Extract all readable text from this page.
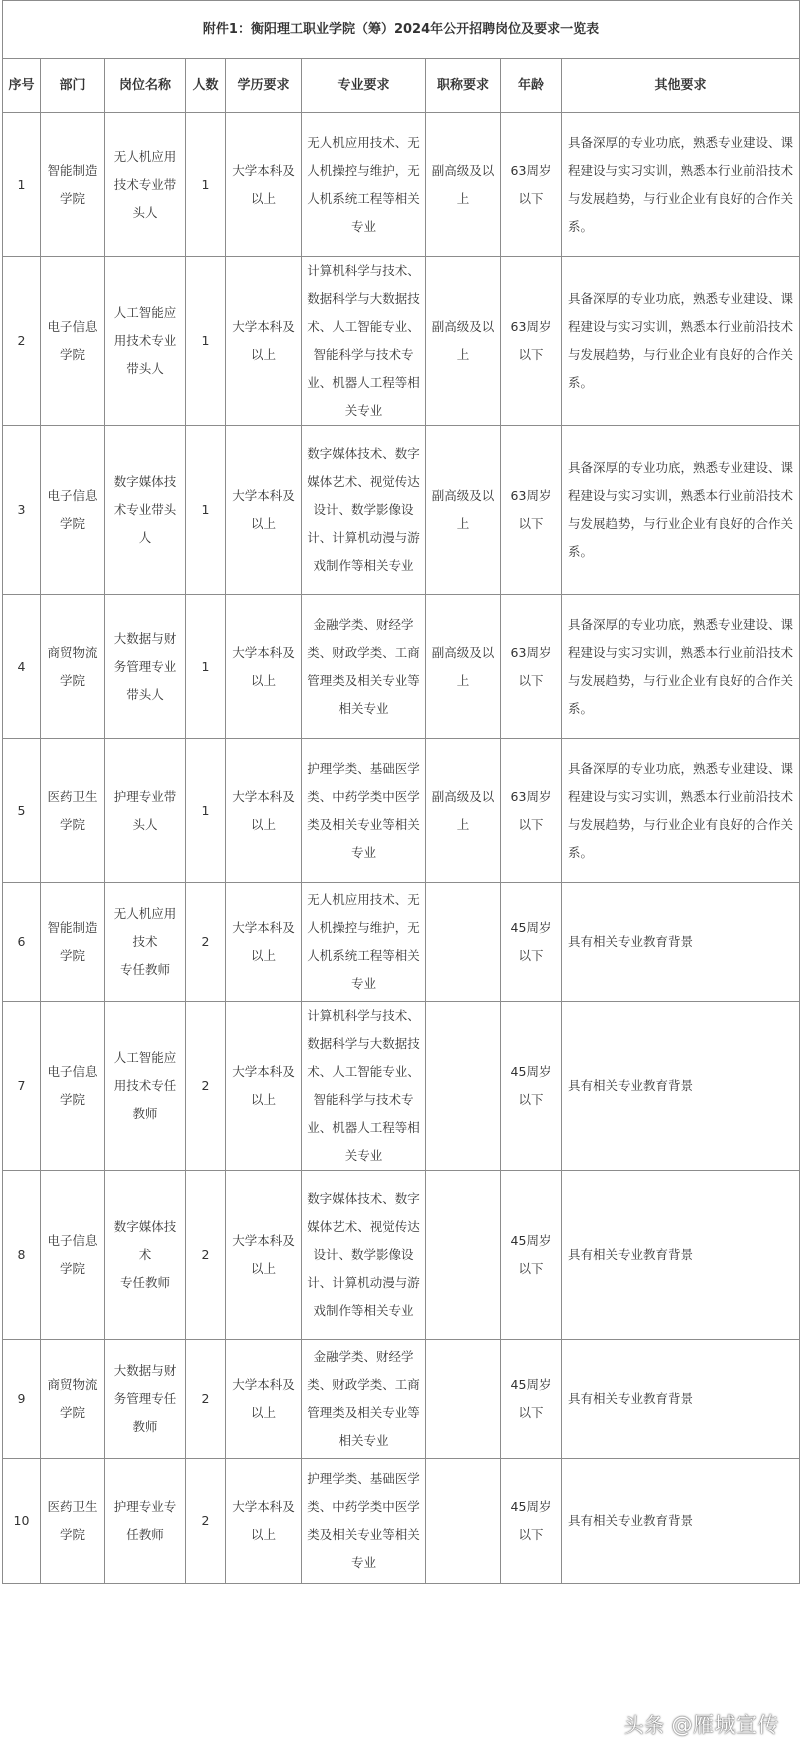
附件1：衡阳理工职业学院（筹）2024年公开招聘岗位及要求一览表								
序号	部门	岗位名称	人数	学历要求	专业要求	职称要求	年龄	其他要求
1	智能制造学院	无人机应用技术专业带头人	1	大学本科及以上	无人机应用技术、无人机操控与维护，无人机系统工程等相关专业	副高级及以上	63周岁以下	具备深厚的专业功底，熟悉专业建设、课程建设与实习实训，熟悉本行业前沿技术与发展趋势，与行业企业有良好的合作关系。
2	电子信息学院	人工智能应用技术专业带头人	1	大学本科及以上	计算机科学与技术、数据科学与大数据技术、人工智能专业、智能科学与技术专业、机器人工程等相关专业	副高级及以上	63周岁以下	具备深厚的专业功底，熟悉专业建设、课程建设与实习实训，熟悉本行业前沿技术与发展趋势，与行业企业有良好的合作关系。
3	电子信息学院	数字媒体技术专业带头人	1	大学本科及以上	数字媒体技术、数字媒体艺术、视觉传达设计、数学影像设计、计算机动漫与游戏制作等相关专业	副高级及以上	63周岁以下	具备深厚的专业功底，熟悉专业建设、课程建设与实习实训，熟悉本行业前沿技术与发展趋势，与行业企业有良好的合作关系。
4	商贸物流学院	大数据与财务管理专业带头人	1	大学本科及以上	金融学类、财经学类、财政学类、工商管理类及相关专业等相关专业	副高级及以上	63周岁以下	具备深厚的专业功底，熟悉专业建设、课程建设与实习实训，熟悉本行业前沿技术与发展趋势，与行业企业有良好的合作关系。
5	医药卫生学院	护理专业带头人	1	大学本科及以上	护理学类、基础医学类、中药学类中医学类及相关专业等相关专业	副高级及以上	63周岁以下	具备深厚的专业功底，熟悉专业建设、课程建设与实习实训，熟悉本行业前沿技术与发展趋势，与行业企业有良好的合作关系。
6	智能制造学院	无人机应用技术
专任教师	2	大学本科及以上	无人机应用技术、无人机操控与维护，无人机系统工程等相关专业		45周岁以下	具有相关专业教育背景
7	电子信息学院	人工智能应用技术专任教师	2	大学本科及以上	计算机科学与技术、数据科学与大数据技术、人工智能专业、智能科学与技术专业、机器人工程等相关专业		45周岁以下	具有相关专业教育背景
8	电子信息学院	数字媒体技术
专任教师	2	大学本科及以上	数字媒体技术、数字媒体艺术、视觉传达设计、数学影像设计、计算机动漫与游戏制作等相关专业		45周岁以下	具有相关专业教育背景
9	商贸物流学院	大数据与财务管理专任教师	2	大学本科及以上	金融学类、财经学类、财政学类、工商管理类及相关专业等相关专业		45周岁以下	具有相关专业教育背景
10	医药卫生学院	护理专业专任教师	2	大学本科及以上	护理学类、基础医学类、中药学类中医学类及相关专业等相关专业		45周岁以下	具有相关专业教育背景
头条 @雁城宣传
